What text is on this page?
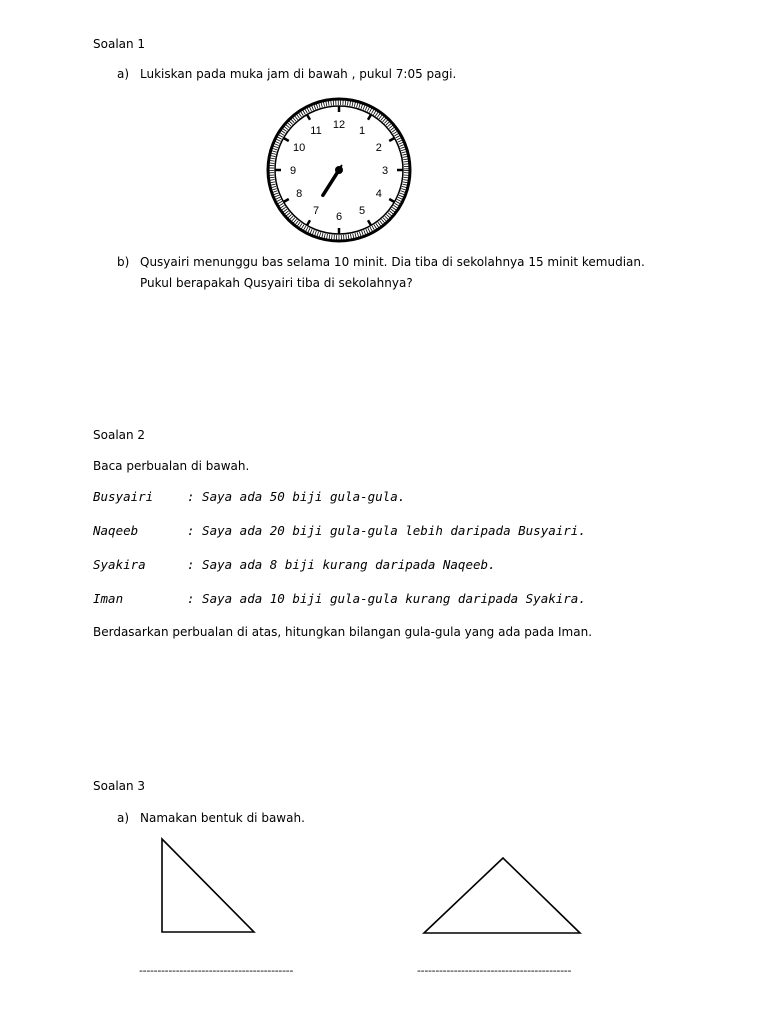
Soalan 1
a) Lukiskan pada muka jam di bawah , pukul 7:05 pagi.
12
1
2
3
4
5
6
7
8
9
10
11
b) Qusyairi menunggu bas selama 10 minit. Dia tiba di sekolahnya 15 minit kemudian. Pukul berapakah Qusyairi tiba di sekolahnya?
Soalan 2
Baca perbualan di bawah.
Busyairi	: Saya ada 50 biji gula-gula.
Naqeeb	: Saya ada 20 biji gula-gula lebih daripada Busyairi.
Syakira	: Saya ada 8 biji kurang daripada Naqeeb.
Iman	: Saya ada 10 biji gula-gula kurang daripada Syakira.
Berdasarkan perbualan di atas, hitungkan bilangan gula-gula yang ada pada Iman.
Soalan 3
a) Namakan bentuk di bawah.
------------------------------------------	------------------------------------------
